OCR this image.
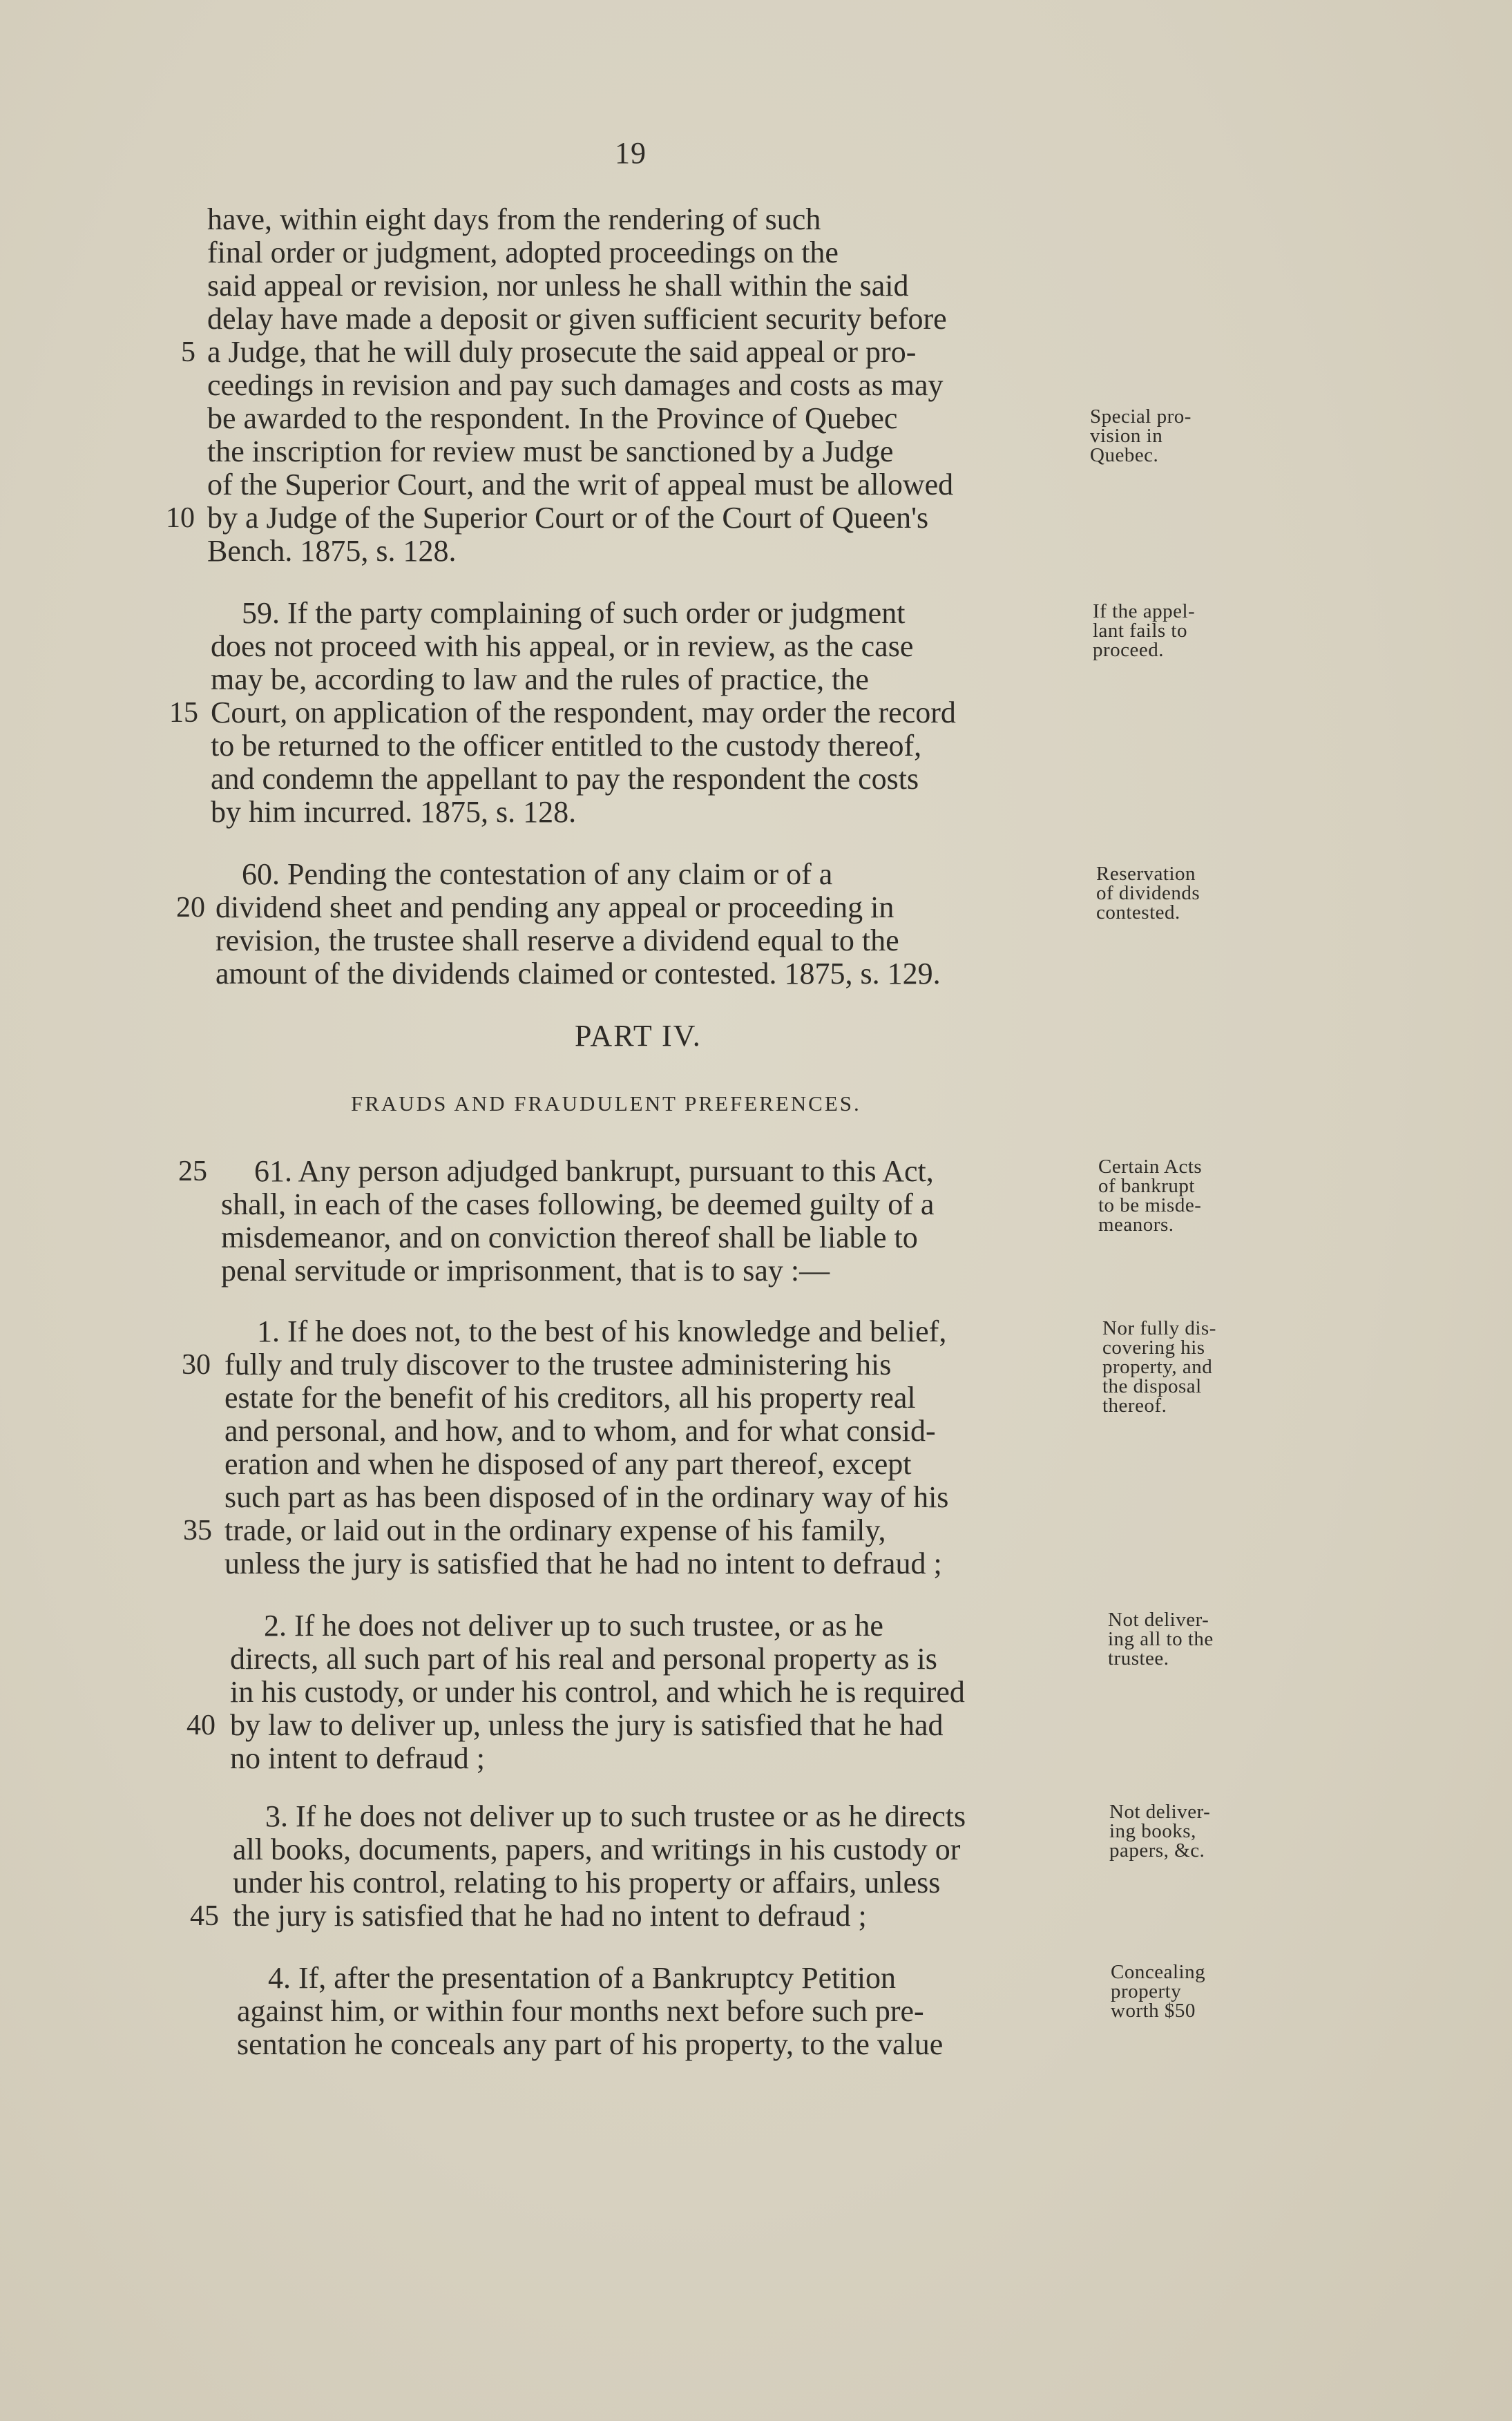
19
have, within eight days from the rendering of such
final order or judgment, adopted proceedings on the
said appeal or revision, nor unless he shall within the said
delay have made a deposit or given sufficient security before
a Judge, that he will duly prosecute the said appeal or pro-
ceedings in revision and pay such damages and costs as may
be awarded to the respondent. In the Province of Quebec
the inscription for review must be sanctioned by a Judge
of the Superior Court, and the writ of appeal must be allowed
by a Judge of the Superior Court or of the Court of Queen's
Bench. 1875, s. 128.
59. If the party complaining of such order or judgment
does not proceed with his appeal, or in review, as the case
may be, according to law and the rules of practice, the
Court, on application of the respondent, may order the record
to be returned to the officer entitled to the custody thereof,
and condemn the appellant to pay the respondent the costs
by him incurred. 1875, s. 128.
60. Pending the contestation of any claim or of a
dividend sheet and pending any appeal or proceeding in
revision, the trustee shall reserve a dividend equal to the
amount of the dividends claimed or contested. 1875, s. 129.
61. Any person adjudged bankrupt, pursuant to this Act,
shall, in each of the cases following, be deemed guilty of a
misdemeanor, and on conviction thereof shall be liable to
penal servitude or imprisonment, that is to say :—
1. If he does not, to the best of his knowledge and belief,
fully and truly discover to the trustee administering his
estate for the benefit of his creditors, all his property real
and personal, and how, and to whom, and for what consid-
eration and when he disposed of any part thereof, except
such part as has been disposed of in the ordinary way of his
trade, or laid out in the ordinary expense of his family,
unless the jury is satisfied that he had no intent to defraud ;
2. If he does not deliver up to such trustee, or as he
directs, all such part of his real and personal property as is
in his custody, or under his control, and which he is required
by law to deliver up, unless the jury is satisfied that he had
no intent to defraud ;
3. If he does not deliver up to such trustee or as he directs
all books, documents, papers, and writings in his custody or
under his control, relating to his property or affairs, unless
the jury is satisfied that he had no intent to defraud ;
4. If, after the presentation of a Bankruptcy Petition
against him, or within four months next before such pre-
sentation he conceals any part of his property, to the value
5
10
15
20
25
30
35
40
45
Special pro-
vision in
Quebec.
If the appel-
lant fails to
proceed.
Reservation
of dividends
contested.
Certain Acts
of bankrupt
to be misde-
meanors.
Nor fully dis-
covering his
property, and
the disposal
thereof.
Not deliver-
ing all to the
trustee.
Not deliver-
ing books,
papers, &c.
Concealing
property
worth $50
PART IV.
FRAUDS AND FRAUDULENT PREFERENCES.
